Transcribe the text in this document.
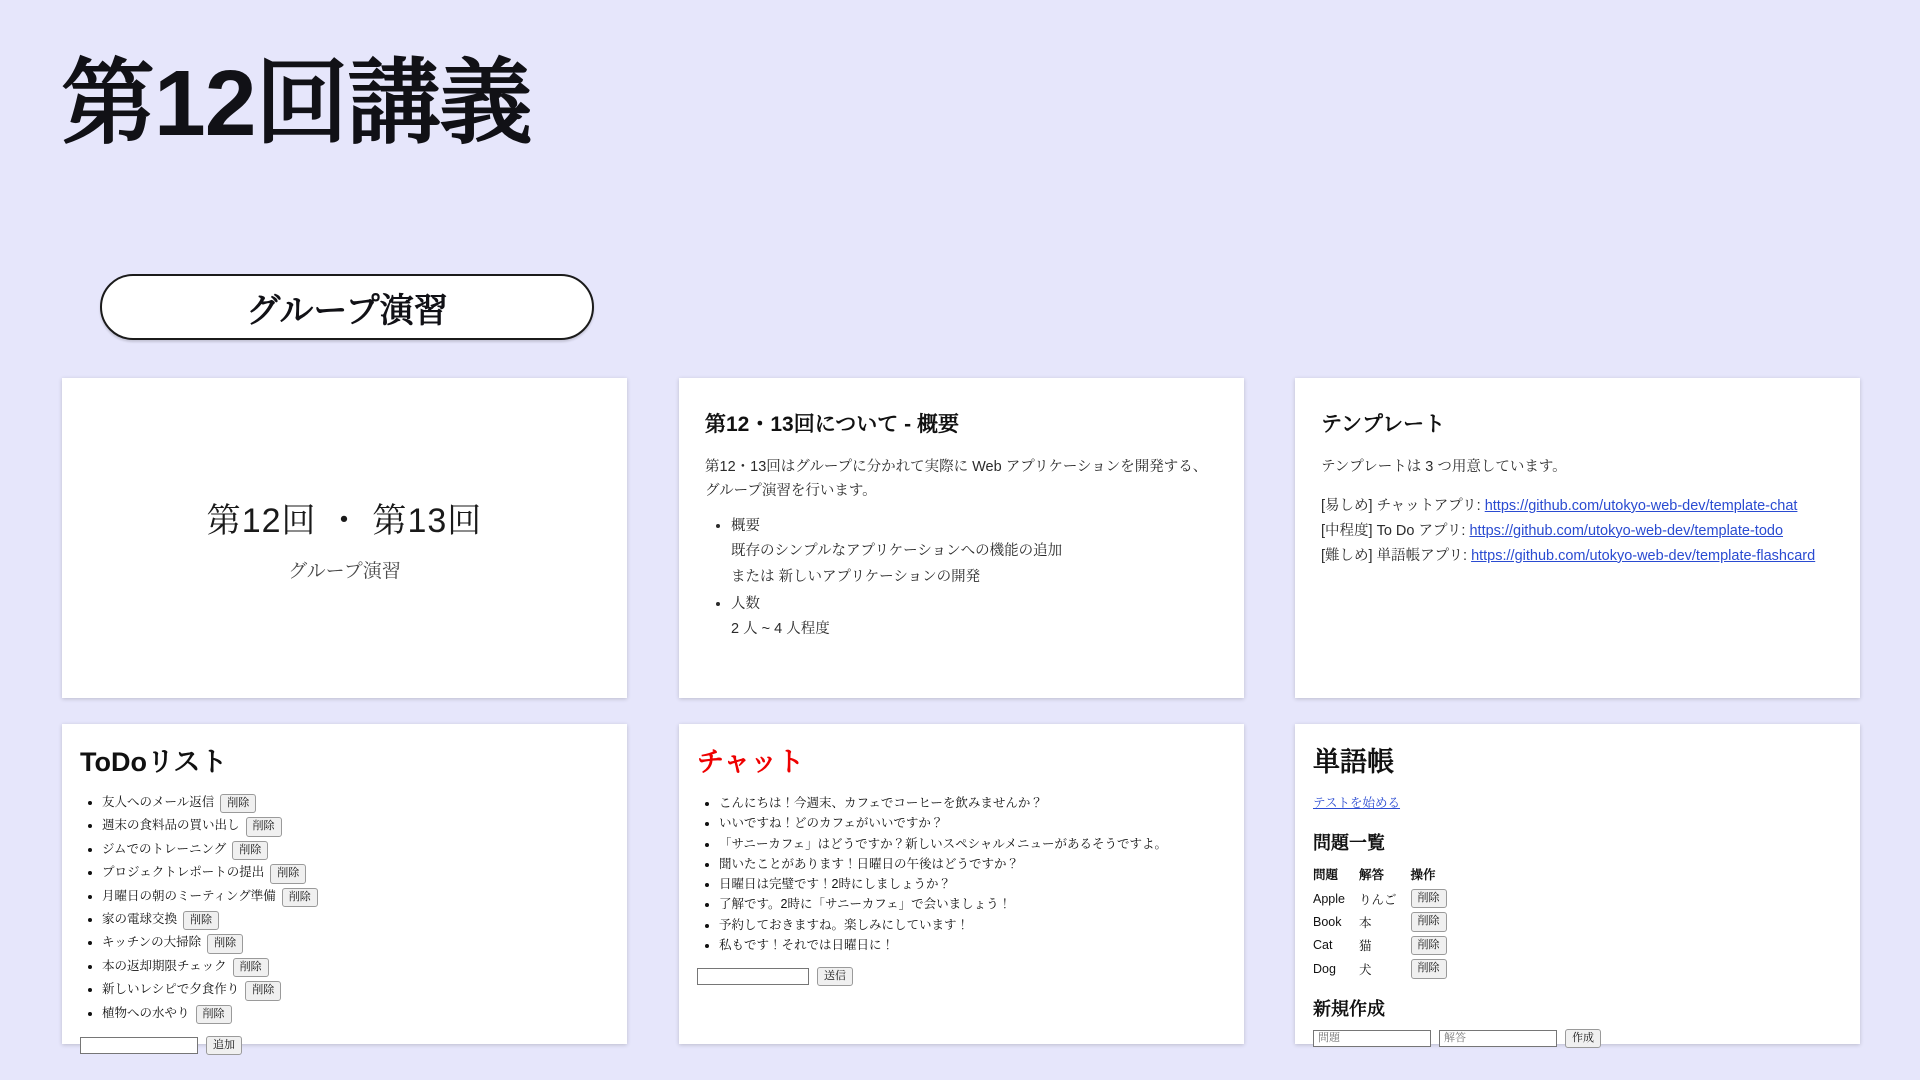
第12回講義
グループ演習
第12回 ・ 第13回
グループ演習
第12・13回について - 概要

第12・13回はグループに分かれて実際に Web アプリケーションを開発する、グループ演習を行います。

• 概要
既存のシンプルなアプリケーションへの機能の追加
または 新しいアプリケーションの開発
• 人数
2 人 ~ 4 人程度
テンプレート

テンプレートは 3 つ用意しています。

[易しめ] チャットアプリ: https://github.com/utokyo-web-dev/template-chat

[中程度] To Do アプリ: https://github.com/utokyo-web-dev/template-todo

[難しめ] 単語帳アプリ: https://github.com/utokyo-web-dev/template-flashcard

ToDoリスト
• 友人へのメール返信 削除
• 週末の食料品の買い出し 削除
• ジムでのトレーニング 削除
• プロジェクトレポートの提出 削除
• 月曜日の朝のミーティング準備 削除
• 家の電球交換 削除
• キッチンの大掃除 削除
• 本の返却期限チェック 削除
• 新しいレシピで夕食作り 削除
• 植物への水やり 削除
追加
チャット
• こんにちは！今週末、カフェでコーヒーを飲みませんか？
• いいですね！どのカフェがいいですか？
• 「サニーカフェ」はどうですか？新しいスペシャルメニューがあるそうですよ。
• 聞いたことがあります！日曜日の午後はどうですか？
• 日曜日は完璧です！2時にしましょうか？
• 了解です。2時に「サニーカフェ」で会いましょう！
• 予約しておきますね。楽しみにしています！
• 私もです！それでは日曜日に！
送信
単語帳
テストを始める
問題一覧
問題	解答	操作
Apple	りんご	削除
Book	本	削除
Cat	猫	削除
Dog	犬	削除
新規作成
問題
解答
作成
